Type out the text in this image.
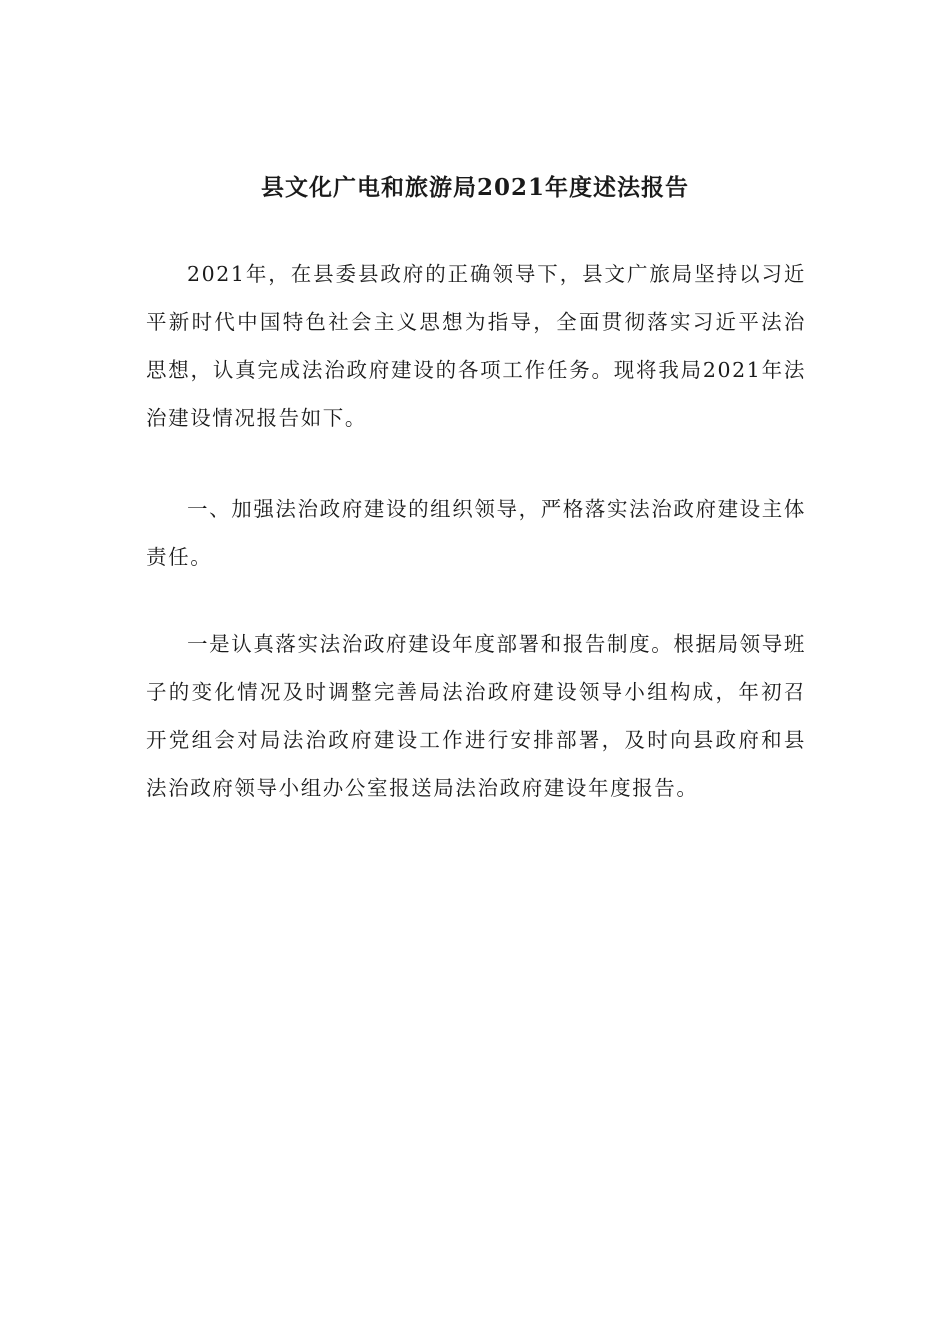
县文化广电和旅游局2021年度述法报告

2021年，在县委县政府的正确领导下，县文广旅局坚持以习近平新时代中国特色社会主义思想为指导，全面贯彻落实习近平法治思想，认真完成法治政府建设的各项工作任务。现将我局2021年法治建设情况报告如下。

一、加强法治政府建设的组织领导，严格落实法治政府建设主体责任。

一是认真落实法治政府建设年度部署和报告制度。根据局领导班子的变化情况及时调整完善局法治政府建设领导小组构成，年初召开党组会对局法治政府建设工作进行安排部署，及时向县政府和县法治政府领导小组办公室报送局法治政府建设年度报告。
